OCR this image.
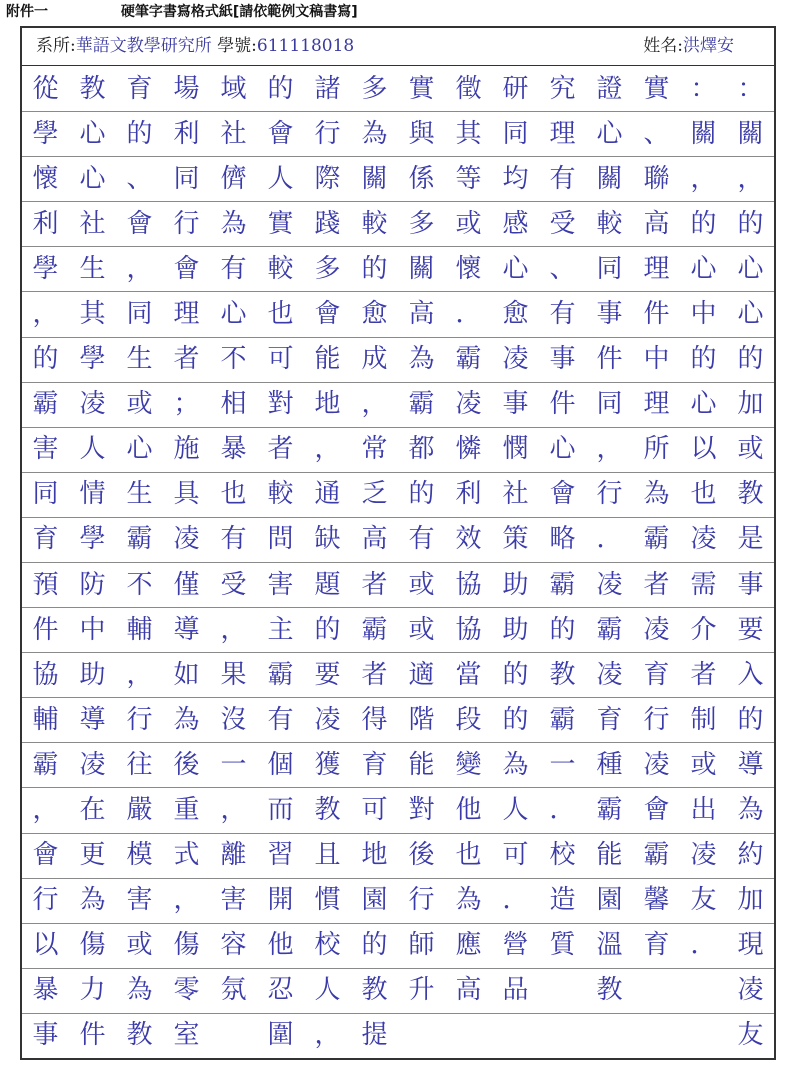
附件一	硬筆字書寫格式紙[請依範例文稿書寫]
系所:華語文教學研究所 學號:611118018	姓名:洪燡安
從
學
懷
利
學
，
的
霸
害
同
育
預
件
協
輔
霸
，
會
行
以
暴
事
教
心
心
社
生
其
學
凌
人
情
學
防
中
助
導
凌
在
更
為
傷
力
件
育
的
、
會
，
同
生
或
心
生
霸
不
輔
，
行
往
嚴
模
害
或
為
教
場
利
同
行
會
理
者
；
施
具
凌
僅
導
如
為
後
重
式
，
傷
零
室
域
社
儕
為
有
心
不
相
暴
也
有
受
，
果
沒
一
，
離
害
容
氛
的
會
人
實
較
也
可
對
者
較
問
害
主
霸
有
個
而
習
開
他
忍
圍
諸
行
際
踐
多
會
能
地
，
通
缺
題
的
要
凌
獲
教
且
慣
校
人
，
多
為
關
較
的
愈
成
，
常
乏
高
者
霸
者
得
育
可
地
園
的
教
提
實
與
係
多
關
高
為
霸
都
的
有
或
或
適
階
能
對
後
行
師
升
徵
其
等
或
懷
．
霸
凌
憐
利
效
協
協
當
段
變
他
也
為
應
高
研
同
均
感
心
愈
凌
事
憫
社
策
助
助
的
的
為
人
可
．
營
品
究
理
有
受
、
有
事
件
心
會
略
霸
的
教
霸
一
．
校
造
質
證
心
關
較
同
事
件
同
，
行
．
凌
霸
凌
育
種
霸
能
園
溫
教
實
、
聯
高
理
件
中
理
所
為
霸
者
凌
育
行
凌
會
霸
馨
育
：
關
，
的
心
中
的
心
以
也
凌
需
介
者
制
或
出
凌
友
．
：
關
，
的
心
心
的
加
或
教
是
事
要
入
的
導
為
約
加
現
凌
友
